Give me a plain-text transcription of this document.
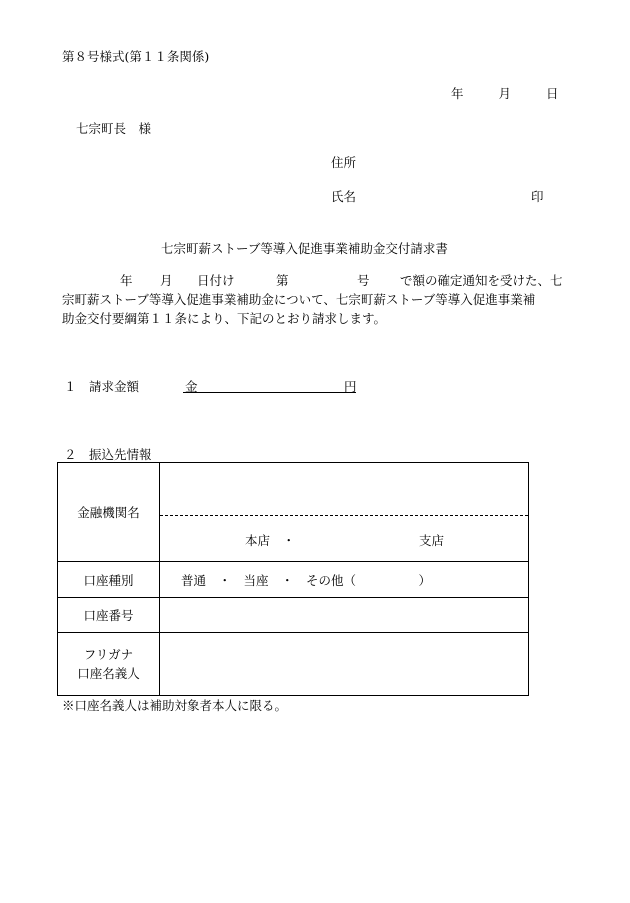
第８号様式(第１１条関係)
年	月	日
七宗町長　様
住所
氏名	印
七宗町薪ストーブ等導入促進事業補助金交付請求書
年 月 日付け	第	号 で額の確定通知を受けた、七
宗町薪ストーブ等導入促進事業補助金について、七宗町薪ストーブ等導入促進事業補
助金交付要綱第１１条により、下記のとおり請求します。
１　請求金額	金	円
２　振込先情報
金融機関名	本店　・ 支店

口座種別	普通　・　当座　・　その他（　　　　　）
口座番号	

フリガナ
口座名義人	

※口座名義人は補助対象者本人に限る。
